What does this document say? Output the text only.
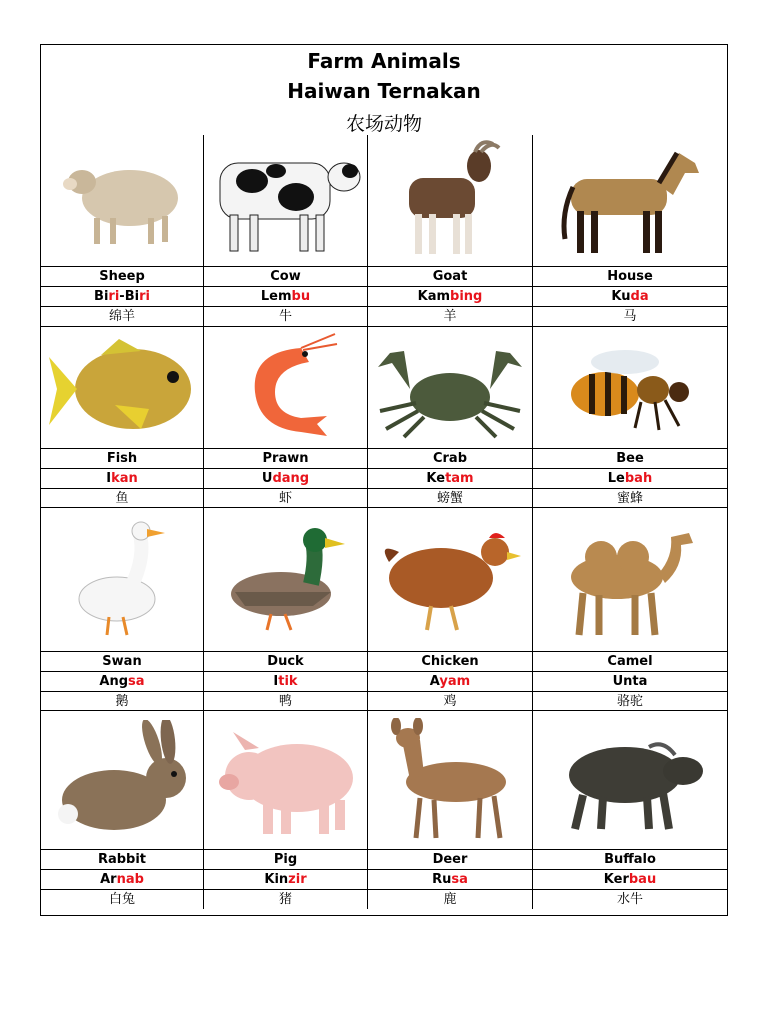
Farm Animals
Haiwan Ternakan
农场动物
Sheep
Biri-Biri
绵羊
Cow
Lembu
牛
Goat
Kambing
羊
House
Kuda
马
Fish
Ikan
鱼
Prawn
Udang
虾
Crab
Ketam
螃蟹
Bee
Lebah
蜜蜂
Swan
Angsa
鹅
Duck
Itik
鸭
Chicken
Ayam
鸡
Camel
Unta
骆驼
Rabbit
Arnab
白兔
Pig
Kinzir
猪
Deer
Rusa
鹿
Buffalo
Kerbau
水牛
